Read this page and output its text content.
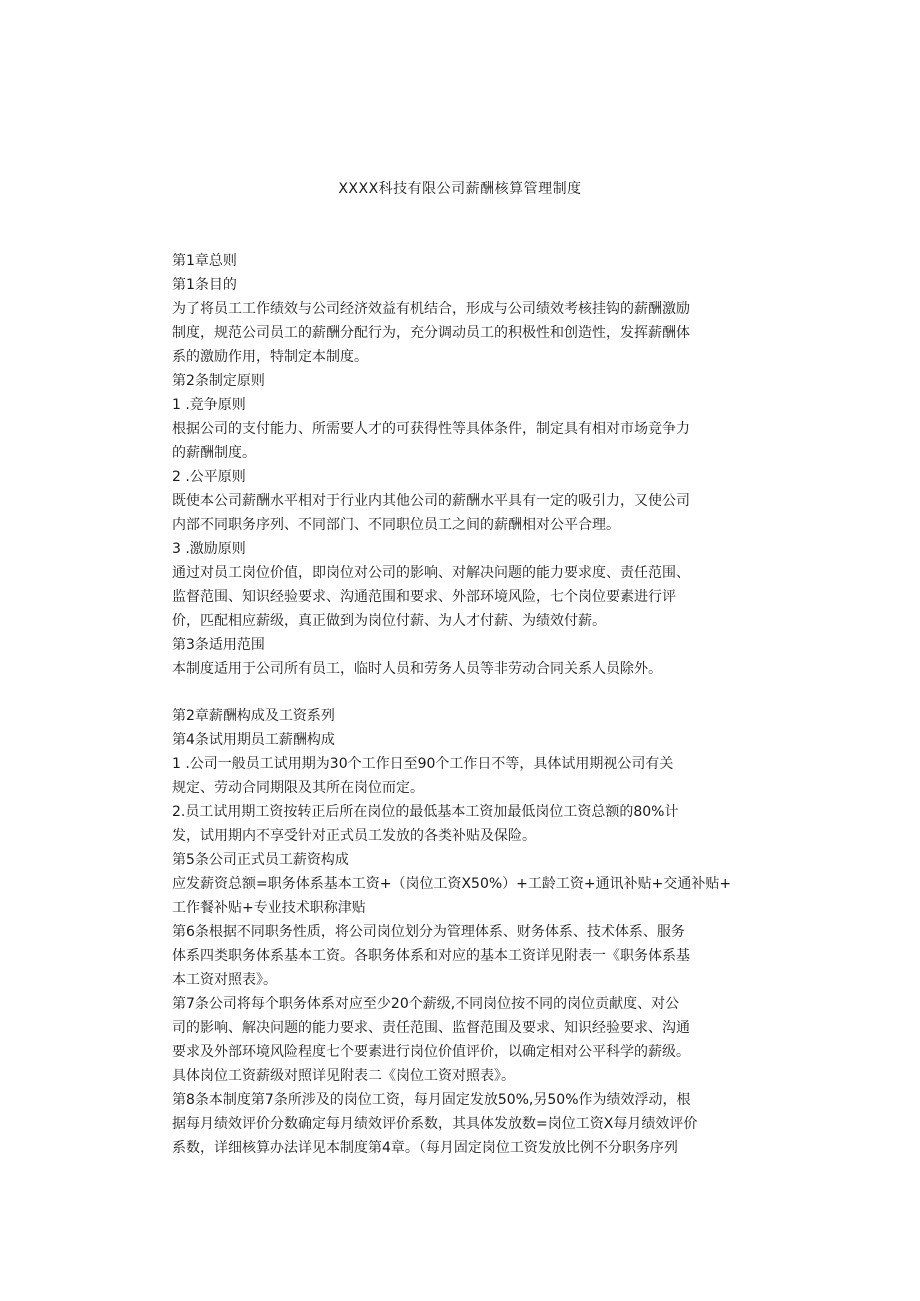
XXXX科技有限公司薪酬核算管理制度
第1章总则
第1条目的
为了将员工工作绩效与公司经济效益有机结合，形成与公司绩效考核挂钩的薪酬激励
制度，规范公司员工的薪酬分配行为，充分调动员工的积极性和创造性，发挥薪酬体
系的激励作用，特制定本制度。
第2条制定原则
1 .竞争原则
根据公司的支付能力、所需要人才的可获得性等具体条件，制定具有相对市场竞争力
的薪酬制度。
2 .公平原则
既使本公司薪酬水平相对于行业内其他公司的薪酬水平具有一定的吸引力，又使公司
内部不同职务序列、不同部门、不同职位员工之间的薪酬相对公平合理。
3 .激励原则
通过对员工岗位价值，即岗位对公司的影响、对解决问题的能力要求度、责任范围、
监督范围、知识经验要求、沟通范围和要求、外部环境风险，七个岗位要素进行评
价，匹配相应薪级，真正做到为岗位付薪、为人才付薪、为绩效付薪。
第3条适用范围
本制度适用于公司所有员工，临时人员和劳务人员等非劳动合同关系人员除外。
第2章薪酬构成及工资系列
第4条试用期员工薪酬构成
1 .公司一般员工试用期为30个工作日至90个工作日不等，具体试用期视公司有关
规定、劳动合同期限及其所在岗位而定。
2.员工试用期工资按转正后所在岗位的最低基本工资加最低岗位工资总额的80%计
发，试用期内不享受针对正式员工发放的各类补贴及保险。
第5条公司正式员工薪资构成
应发薪资总额=职务体系基本工资+（岗位工资X50%）+工龄工资+通讯补贴+交通补贴+
工作餐补贴+专业技术职称津贴
第6条根据不同职务性质，将公司岗位划分为管理体系、财务体系、技术体系、服务
体系四类职务体系基本工资。各职务体系和对应的基本工资详见附表一《职务体系基
本工资对照表》。
第7条公司将每个职务体系对应至少20个薪级,不同岗位按不同的岗位贡献度、对公
司的影响、解决问题的能力要求、责任范围、监督范围及要求、知识经验要求、沟通
要求及外部环境风险程度七个要素进行岗位价值评价，以确定相对公平科学的薪级。
具体岗位工资薪级对照详见附表二《岗位工资对照表》。
第8条本制度第7条所涉及的岗位工资，每月固定发放50%,另50%作为绩效浮动，根
据每月绩效评价分数确定每月绩效评价系数，其具体发放数=岗位工资X每月绩效评价
系数，详细核算办法详见本制度第4章。（每月固定岗位工资发放比例不分职务序列
